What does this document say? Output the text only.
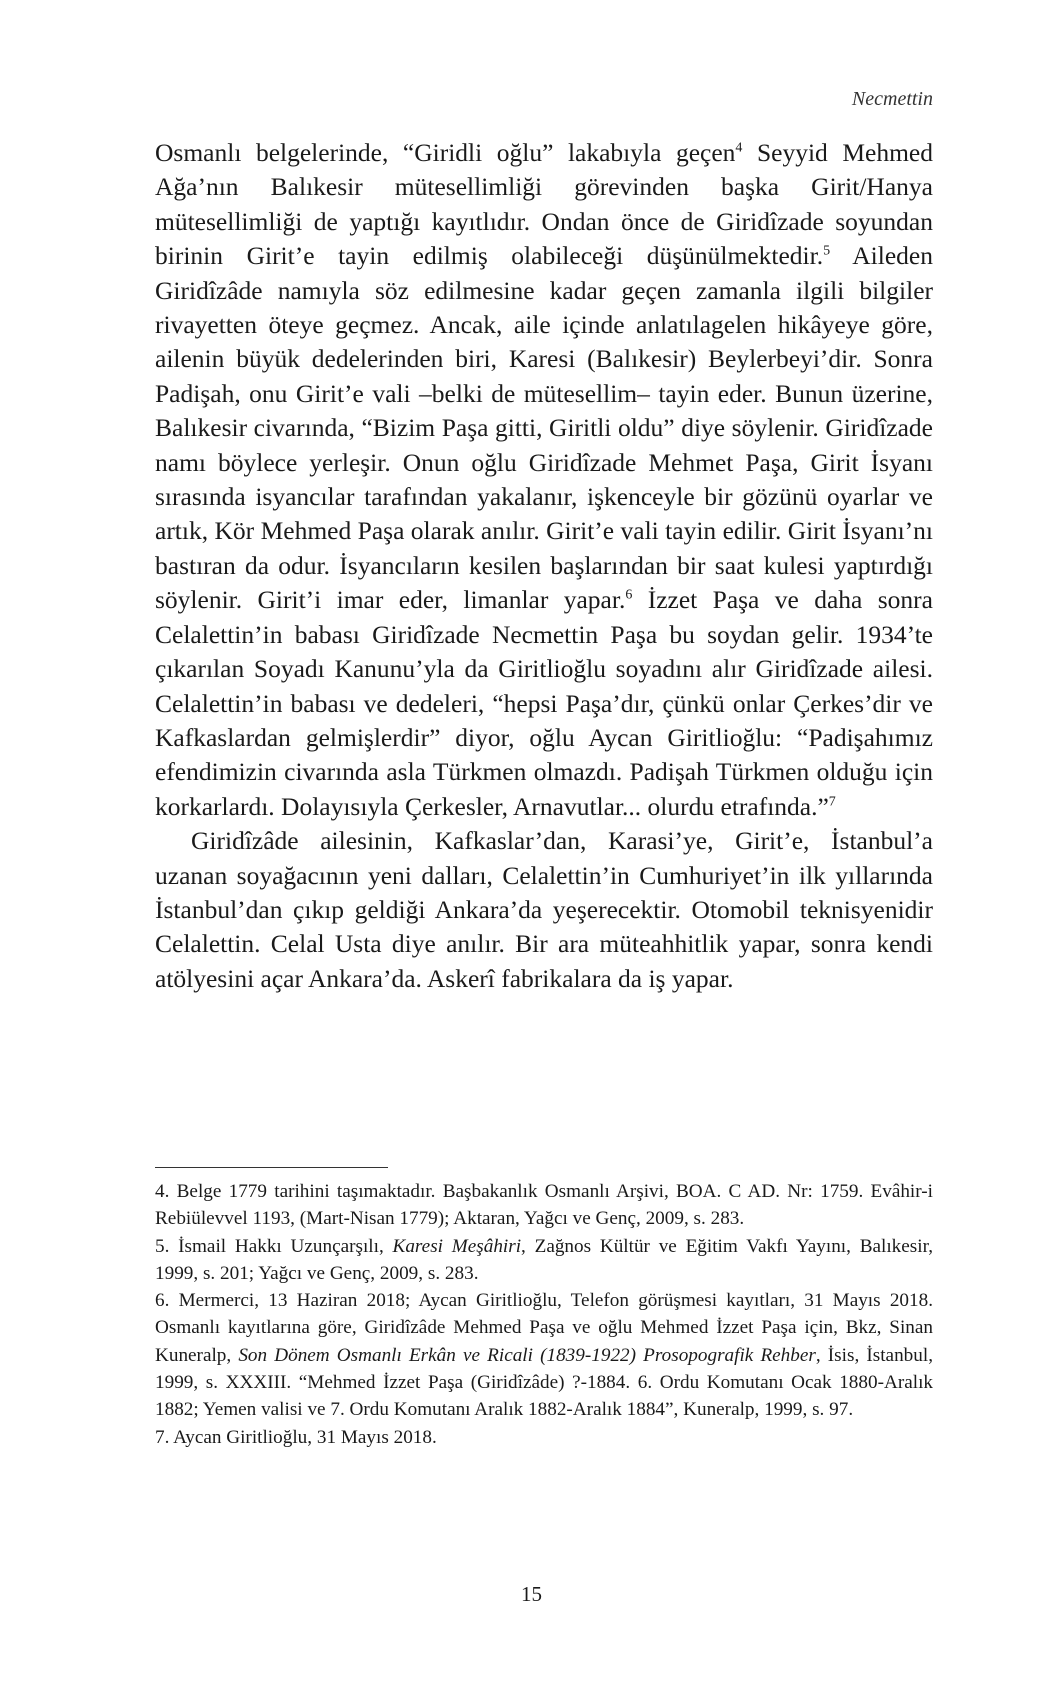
Necmettin

Osmanlı belgelerinde, “Giridli oğlu” lakabıyla geçen$^4$ Seyyid Mehmed Ağa’nın Balıkesir mütesellimliği görevinden başka Girit/Hanya mütesellimliği de yaptığı kayıtlıdır. Ondan önce de Giridîzade soyundan birinin Girit’e tayin edilmiş olabileceği düşünülmektedir.$^5$ Aileden Giridîzâde namıyla söz edilmesine kadar geçen zamanla ilgili bilgiler rivayetten öteye geçmez. Ancak, aile içinde anlatılagelen hikâyeye göre, ailenin büyük dedelerinden biri, Karesi (Balıkesir) Beylerbeyi’dir. Sonra Padişah, onu Girit’e vali –belki de mütesellim– tayin eder. Bunun üzerine, Balıkesir civarında, “Bizim Paşa gitti, Giritli oldu” diye söylenir. Giridîzade namı böylece yerleşir. Onun oğlu Giridîzade Mehmet Paşa, Girit İsyanı sırasında isyancılar tarafından yakalanır, işkenceyle bir gözünü oyarlar ve artık, Kör Mehmed Paşa olarak anılır. Girit’e vali tayin edilir. Girit İsyanı’nı bastıran da odur. İsyancıların kesilen başlarından bir saat kulesi yaptırdığı söylenir. Girit’i imar eder, limanlar yapar.$^6$ İzzet Paşa ve daha sonra Celalettin’in babası Giridîzade Necmettin Paşa bu soydan gelir. 1934’te çıkarılan Soyadı Kanunu’yla da Giritlioğlu soyadını alır Giridîzade ailesi. Celalettin’in babası ve dedeleri, “hepsi Paşa’dır, çünkü onlar Çerkes’dir ve Kafkaslardan gelmişlerdir” diyor, oğlu Aycan Giritlioğlu: “Padişahımız efendimizin civarında asla Türkmen olmazdı. Padişah Türkmen olduğu için korkarlardı. Dolayısıyla Çerkesler, Arnavutlar... olurdu etrafında.”$^7$

Giridîzâde ailesinin, Kafkaslar’dan, Karasi’ye, Girit’e, İstanbul’a uzanan soyağacının yeni dalları, Celalettin’in Cumhuriyet’in ilk yıllarında İstanbul’dan çıkıp geldiği Ankara’da yeşerecektir. Otomobil teknisyenidir Celalettin. Celal Usta diye anılır. Bir ara müteahhitlik yapar, sonra kendi atölyesini açar Ankara’da. Askerî fabrikalara da iş yapar.

4. Belge 1779 tarihini taşımaktadır. Başbakanlık Osmanlı Arşivi, BOA. C AD. Nr: 1759. Evâhir-i Rebiülevvel 1193, (Mart-Nisan 1779); Aktaran, Yağcı ve Genç, 2009, s. 283.

5. İsmail Hakkı Uzunçarşılı, Karesi Meşâhiri, Zağnos Kültür ve Eğitim Vakfı Yayını, Balıkesir, 1999, s. 201; Yağcı ve Genç, 2009, s. 283.

6. Mermerci, 13 Haziran 2018; Aycan Giritlioğlu, Telefon görüşmesi kayıtları, 31 Mayıs 2018. Osmanlı kayıtlarına göre, Giridîzâde Mehmed Paşa ve oğlu Mehmed İzzet Paşa için, Bkz, Sinan Kuneralp, Son Dönem Osmanlı Erkân ve Ricali (1839-1922) Prosopografik Rehber, İsis, İstanbul, 1999, s. XXXIII. “Mehmed İzzet Paşa (Giridîzâde) ?-1884. 6. Ordu Komutanı Ocak 1880-Aralık 1882; Yemen valisi ve 7. Ordu Komutanı Aralık 1882-Aralık 1884”, Kuneralp, 1999, s. 97.

7. Aycan Giritlioğlu, 31 Mayıs 2018.

15
